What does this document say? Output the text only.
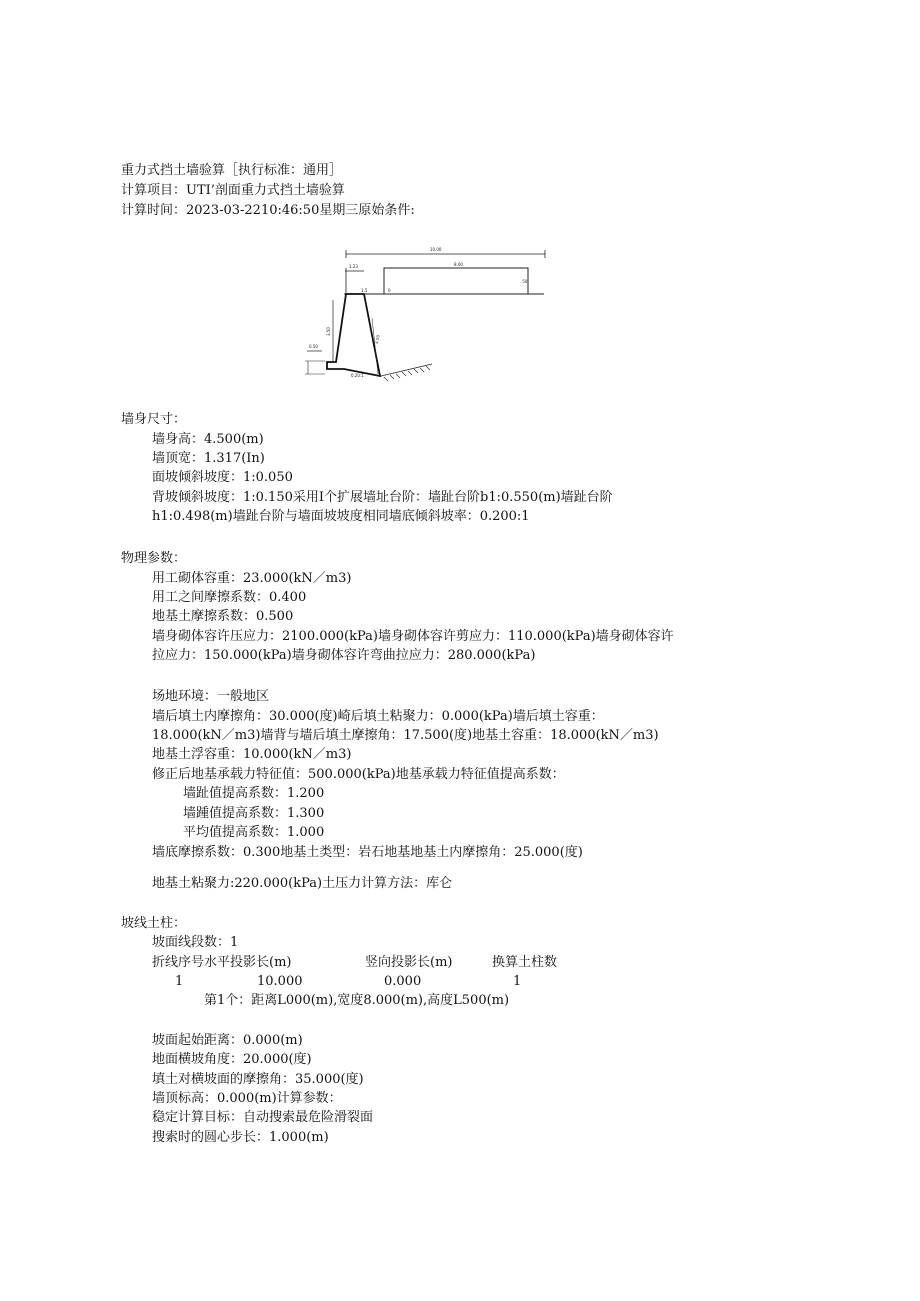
重力式挡土墙验算［执行标准：通用］
计算项目：UTI’剖面重力式挡土墙验算
计算时间：2023-03-2210:46:50星期三原始条件:
10.00
1.23	8.00
.50
0
1.5
3.50
4.50
0.50
0.20:1
墙身尺寸：
墙身高：4.500(m)
墙顶宽：1.317(In)
面坡倾斜坡度：1:0.050
背坡倾斜坡度：1:0.150采用I个扩展墙址台阶：墙趾台阶b1:0.550(m)墙趾台阶
h1:0.498(m)墙趾台阶与墙面坡坡度相同墙底倾斜坡率：0.200:1
物理参数：
用工砌体容重：23.000(kN／m3)
用工之间摩擦系数：0.400
地基土摩擦系数：0.500
墙身砌体容许压应力：2100.000(kPa)墙身砌体容许剪应力：110.000(kPa)墙身砌体容许
拉应力：150.000(kPa)墙身砌体容许弯曲拉应力：280.000(kPa)
场地环境：一般地区
墙后填土内摩擦角：30.000(度)崎后填土粘聚力：0.000(kPa)墙后填土容重：
18.000(kN／m3)墙背与墙后填土摩擦角：17.500(度)地基土容重：18.000(kN／m3)
地基土浮容重：10.000(kN／m3)
修正后地基承载力特征值：500.000(kPa)地基承载力特征值提高系数：
墙趾值提高系数：1.200
墙踵值提高系数：1.300
平均值提高系数：1.000
墙底摩擦系数：0.300地基土类型：岩石地基地基土内摩擦角：25.000(度)
地基土粘聚力:220.000(kPa)土压力计算方法：库仑
坡线土柱：
坡面线段数：1
折线序号水平投影长(m)	竖向投影长(m)	换算土柱数
1	10.000	0.000	1
第1个：距离L000(m),宽度8.000(m),高度L500(m)
坡面起始距离：0.000(m)
地面横坡角度：20.000(度)
填土对横坡面的摩擦角：35.000(度)
墙顶标高：0.000(m)计算参数：
稳定计算目标：自动搜索最危险滑裂面
搜索时的圆心步长：1.000(m)
